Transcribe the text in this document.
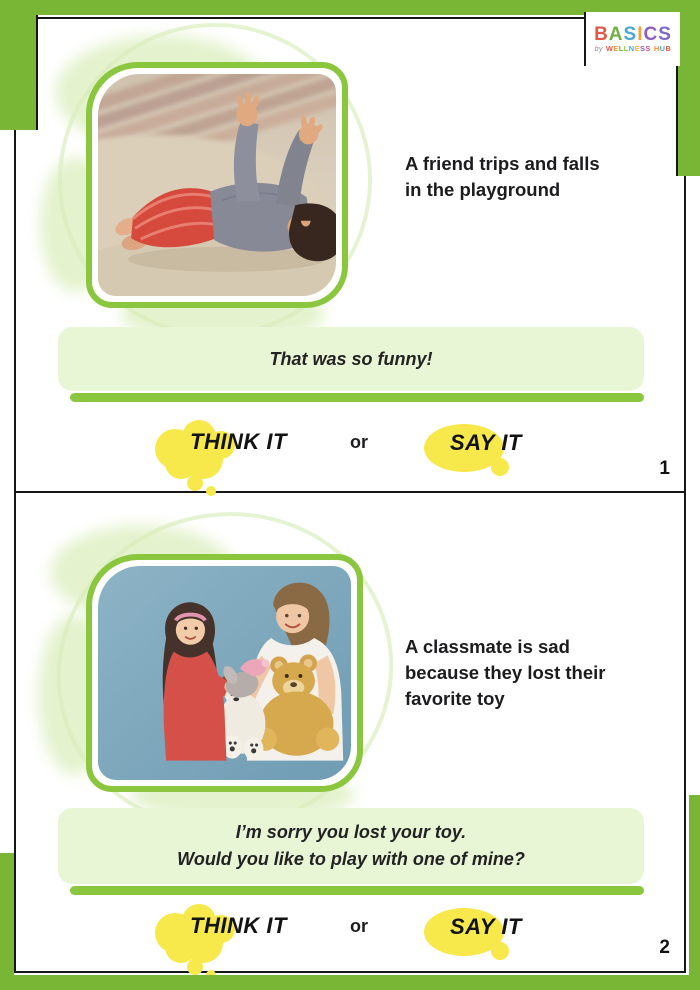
BASICS
by WELLNESS HUB
A friend trips and falls
in the playground
That was so funny!
THINK IT	or	SAY IT
1
A classmate is sad
because they lost their
favorite toy
I’m sorry you lost your toy.
Would you like to play with one of mine?
THINK IT	or	SAY IT
2
